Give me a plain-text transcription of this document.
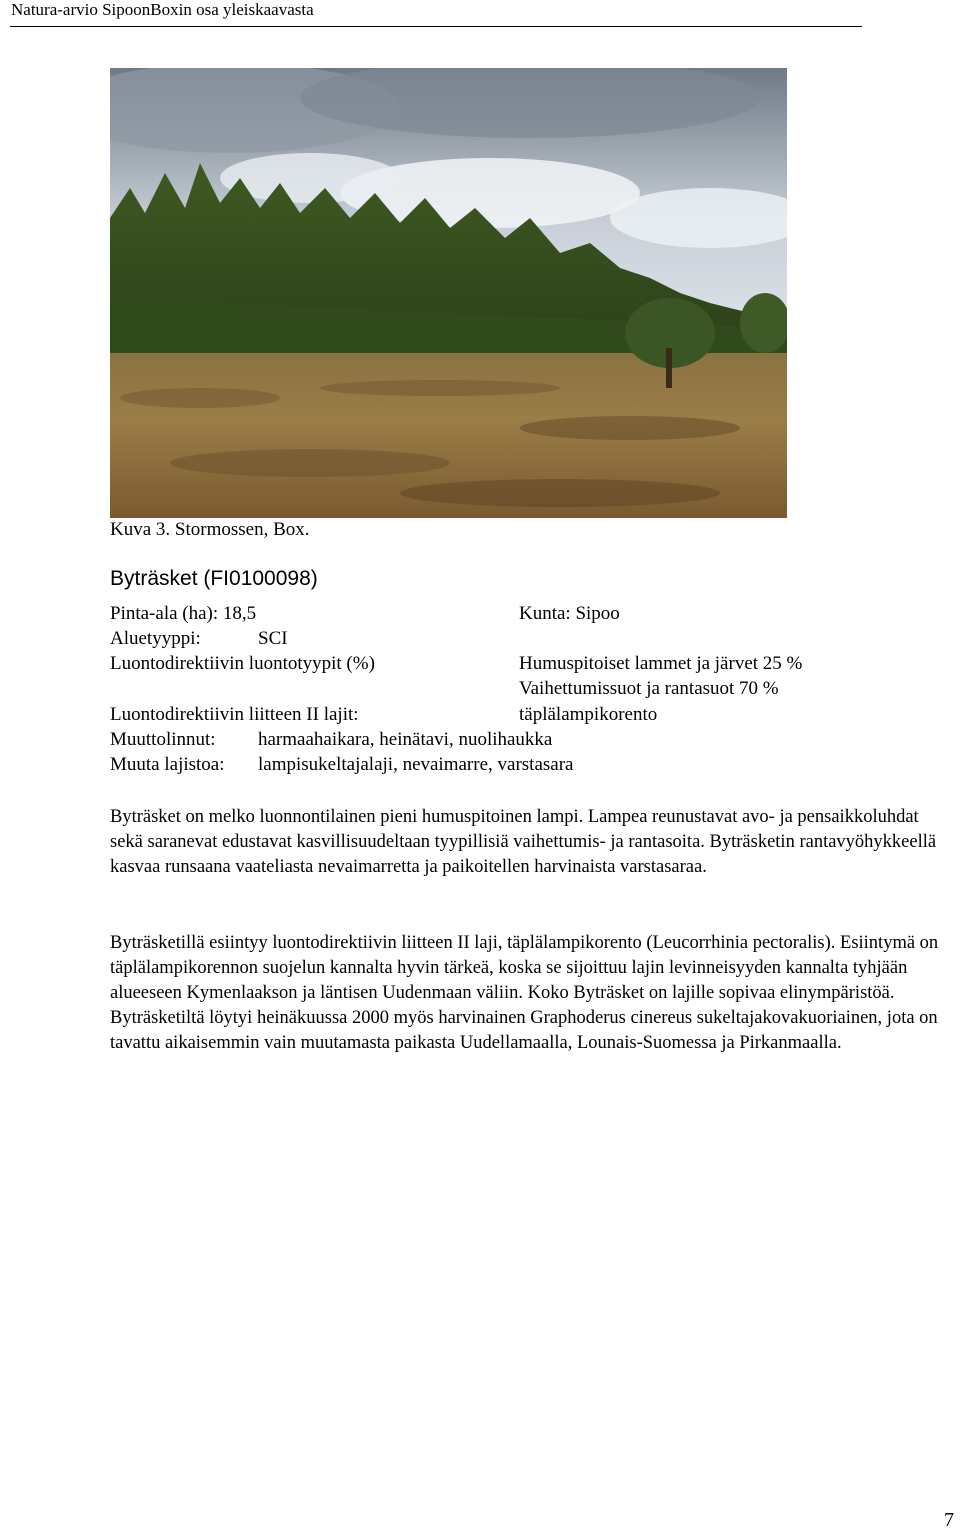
Natura-arvio SipoonBoxin osa yleiskaavasta
Kuva 3. Stormossen, Box.
Byträsket (FI0100098)
Pinta-ala (ha): 18,5	Kunta: Sipoo
Aluetyyppi:	SCI
Luontodirektiivin luontotyypit (%)	Humuspitoiset lammet ja järvet 25 %
Vaihettumissuot ja rantasuot 70 %
Luontodirektiivin liitteen II lajit:	täplälampikorento
Muuttolinnut: harmaahaikara, heinätavi, nuolihaukka
Muuta lajistoa: lampisukeltajalaji, nevaimarre, varstasara

Byträsket on melko luonnontilainen pieni humuspitoinen lampi. Lampea reunustavat avo- ja pensaikkoluhdat sekä saranevat edustavat kasvillisuudeltaan tyypillisiä vaihettumis- ja rantasoita. Byträsketin rantavyöhykkeellä kasvaa runsaana vaateliasta nevaimarretta ja paikoitellen harvinaista varstasaraa.

Byträsketillä esiintyy luontodirektiivin liitteen II laji, täplälampikorento (Leucorrhinia pectoralis). Esiintymä on täplälampikorennon suojelun kannalta hyvin tärkeä, koska se sijoittuu lajin levinneisyyden kannalta tyhjään alueeseen Kymenlaakson ja läntisen Uudenmaan väliin. Koko Byträsket on lajille sopivaa elinympäristöä. Byträsketiltä löytyi heinäkuussa 2000 myös harvinainen Graphoderus cinereus sukeltajakovakuoriainen, jota on tavattu aikaisemmin vain muutamasta paikasta Uudellamaalla, Lounais-Suomessa ja Pirkanmaalla.

7
